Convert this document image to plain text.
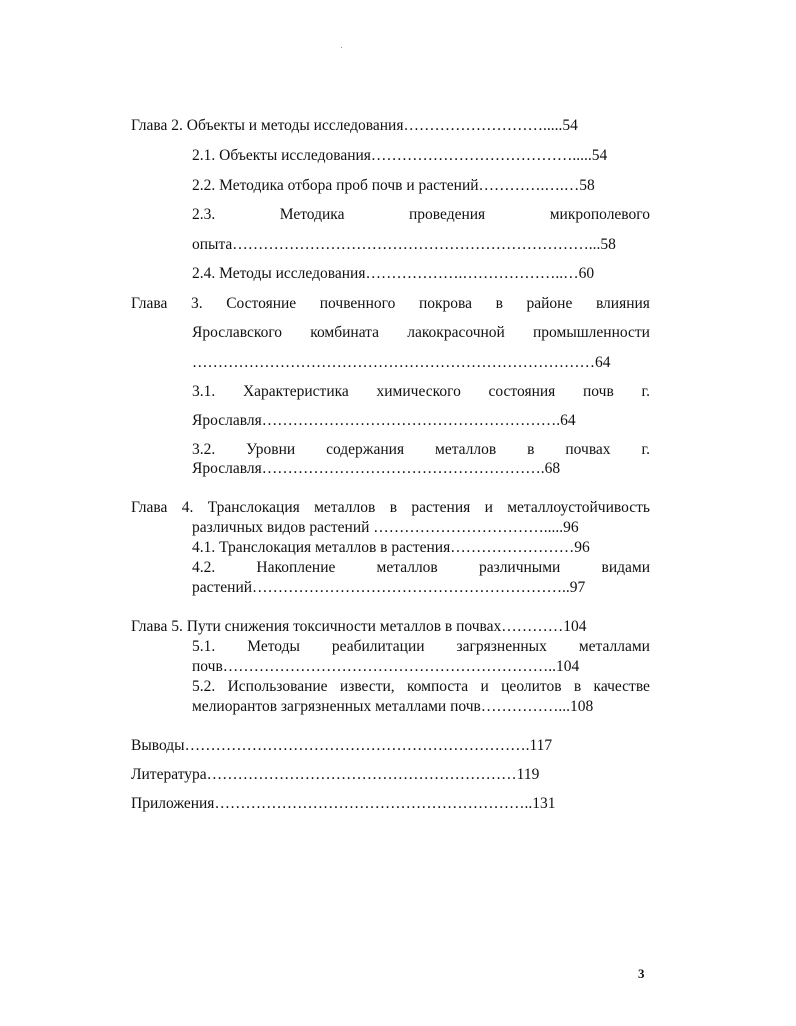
Глава 2. Объекты и методы исследования……………………….....54
2.1. Объекты исследования………………………………….....54
2.2. Методика отбора проб почв и растений………….….…58
2.3.	Методика	проведения	микрополевого
опыта……………………………………………………………...58
2.4. Методы исследования……………….………………..…60
Глава 3. Состояние почвенного покрова в районе влияния
Ярославского комбината лакокрасочной промышленности
……………………………………………………………………64
3.1. Характеристика химического состояния почв г.
Ярославля………………………………………………….64
3.2. Уровни содержания металлов в почвах г.
Ярославля……………………………………………….68
Глава 4. Транслокация металлов в растения и металлоустойчивость
различных видов растений …………………………….....96
4.1. Транслокация металлов в растения……………………96
4.2.	Накопление	металлов	различными	видами
растений……………………………………………………..97
Глава 5. Пути снижения токсичности металлов в почвах…………104
5.1. Методы реабилитации загрязненных металлами
почв………………………………………………………..104
5.2. Использование извести, компоста и цеолитов в качестве
мелиорантов загрязненных металлами почв……………...108
Выводы………………………………………………………….117
Литература……………………………………………………119
Приложения……………………………………………………..131
3
